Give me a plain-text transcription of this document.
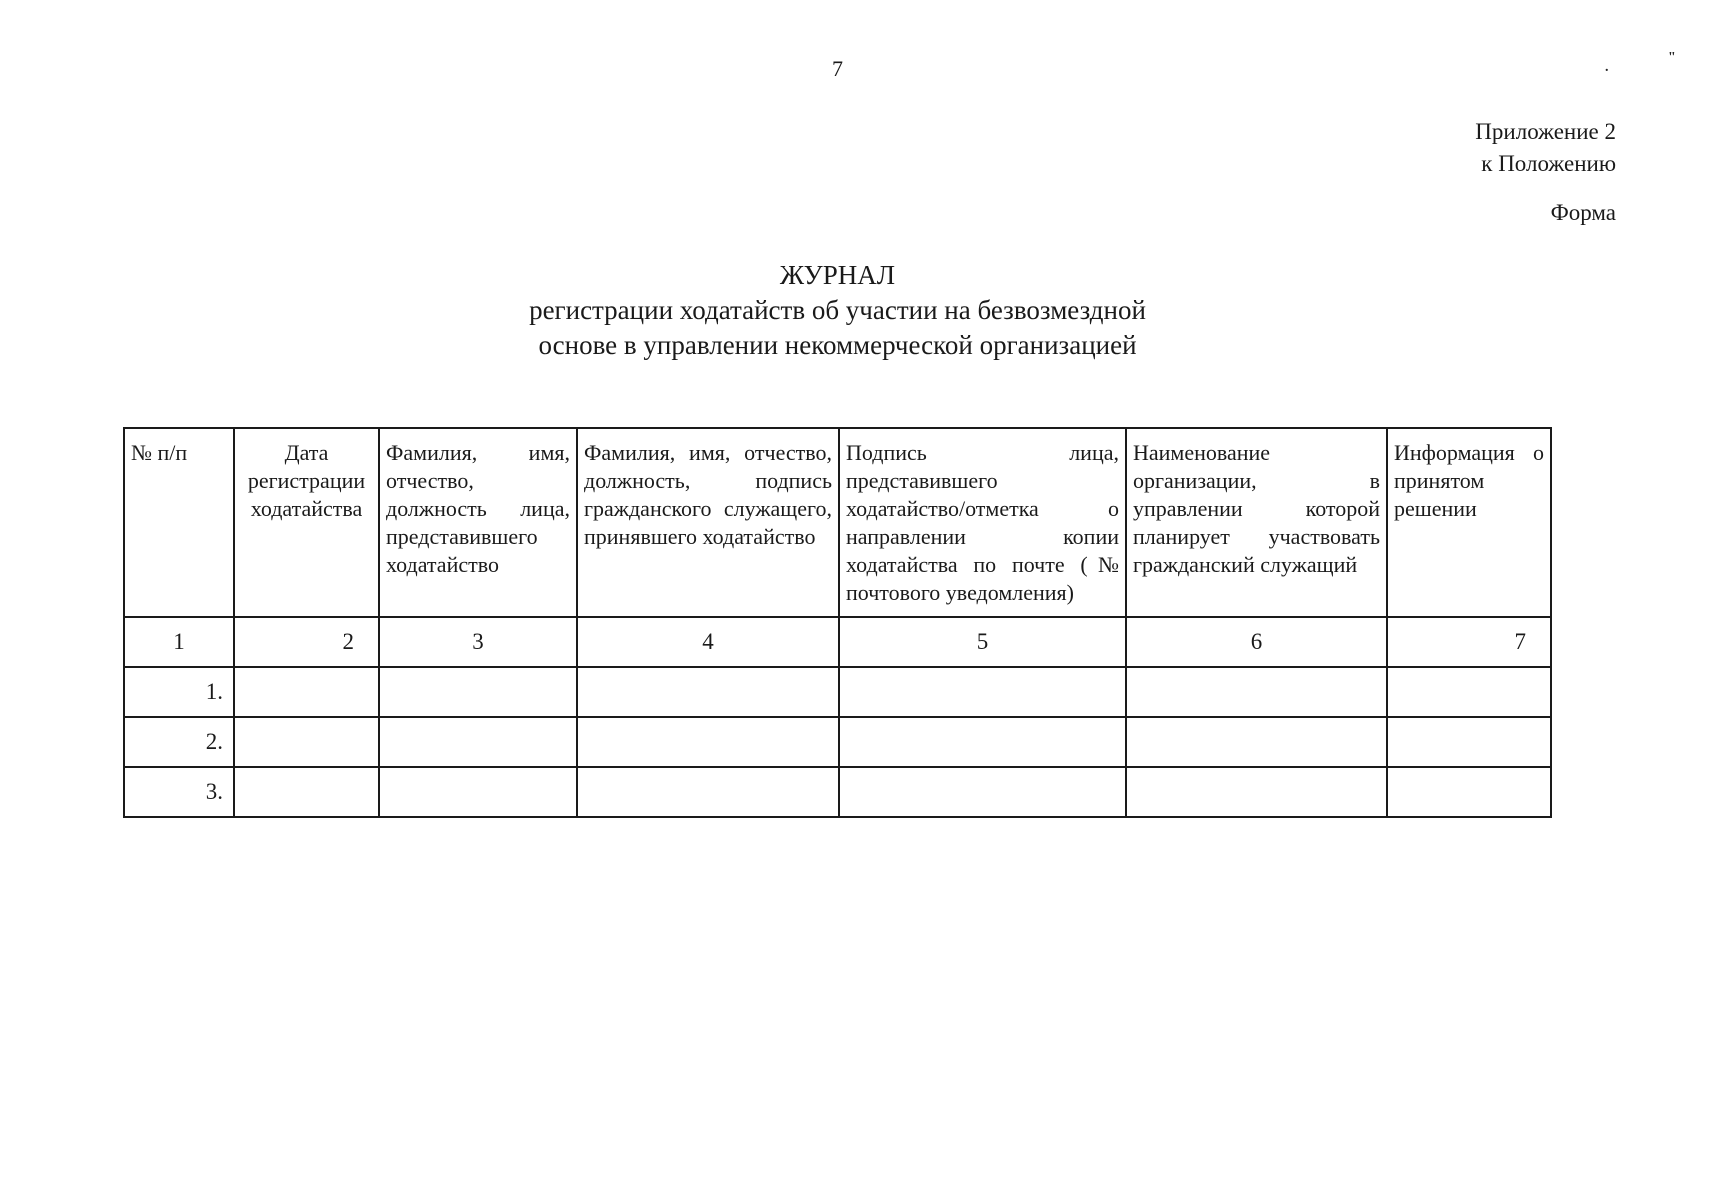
7	.
"
Приложение 2
к Положению
Форма
ЖУРНАЛ
регистрации ходатайств об участии на безвозмездной
основе в управлении некоммерческой организацией
№ п/п	Дата регистрации ходатайства	Фамилия, имя, отчество, должность лица, представившего ходатайство	Фамилия, имя, отчество, должность, подпись гражданского служащего, принявшего ходатайство	Подпись лица, представившего ходатайство/отметка о направлении копии ходатайства по почте (№ почтового уведомления)	Наименование организации, в управлении которой планирует участвовать гражданский служащий	Информация о принятом решении
1	2	3	4	5	6	7
1.						
2.						
3.						
